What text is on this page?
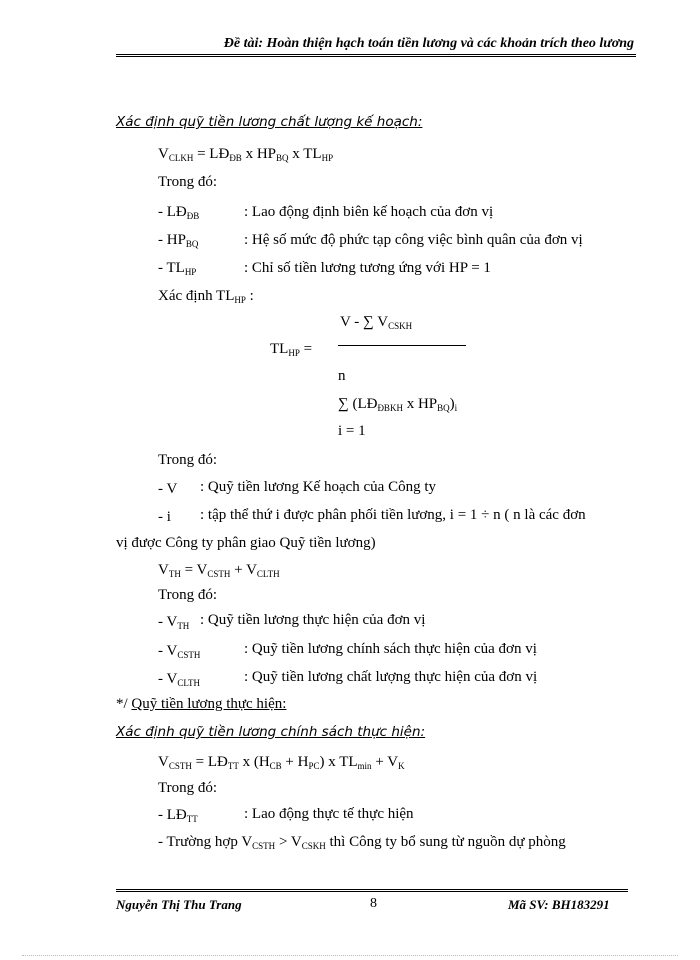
Đề tài: Hoàn thiện hạch toán tiền lương và các khoản trích theo lương
Xác định quỹ tiền lương chất lượng kế hoạch:
$V_{CLKH}$ = $LĐ_{ĐB}$ x $HP_{BQ}$ x $TL_{HP}$
Trong đó:
- $LĐ_{ĐB}$	: Lao động định biên kế hoạch của đơn vị
- $HP_{BQ}$	: Hệ số mức độ phức tạp công việc bình quân của đơn vị
- $TL_{HP}$	: Chỉ số tiền lương tương ứng với HP = 1
Xác định $TL_{HP}$ :
V - ∑ $V_{CSKH}$
$TL_{HP}$ =
n
∑ ($LĐ_{ĐBKH}$ x $HP_{BQ})_i$
i = 1
Trong đó:
- V : Quỹ tiền lương Kế hoạch của Công ty
- i : tập thể thứ i được phân phối tiền lương, i = 1 ÷ n ( n là các đơn
vị được Công ty phân giao Quỹ tiền lương)
$V_{TH} = V_{CSTH} + V_{CLTH}$
Trong đó:
- $V_{TH}$ : Quỹ tiền lương thực hiện của đơn vị
- $V_{CSTH}$	: Quỹ tiền lương chính sách thực hiện của đơn vị
- $V_{CLTH}$	: Quỹ tiền lương chất lượng thực hiện của đơn vị
*/ Quỹ tiền lương thực hiện:
Xác định quỹ tiền lương chính sách thực hiện:
$V_{CSTH}$ = $LĐ_{TT}$ x $(H_{CB} + H_{PC})$ x $TL_{min} + V_K$
Trong đó:
- $LĐ_{TT}$	: Lao động thực tế thực hiện
- Trường hợp $V_{CSTH} > V_{CSKH}$ thì Công ty bổ sung từ nguồn dự phòng
Nguyễn Thị Thu Trang	8	Mã SV: BH183291
